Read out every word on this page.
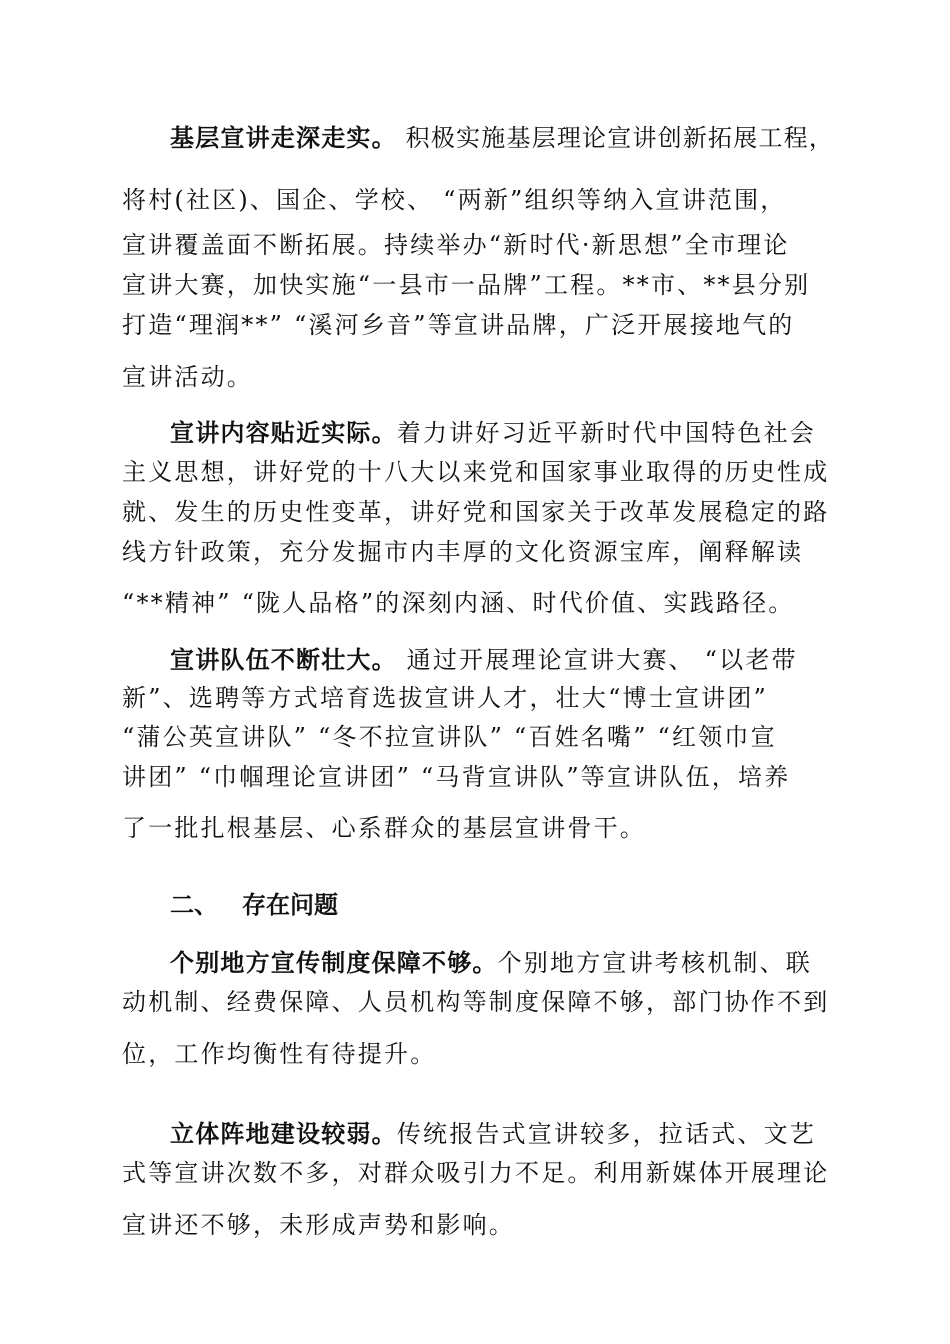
基层宣讲走深走实。 积极实施基层理论宣讲创新拓展工程，
将村(社区)、国企、学校、 “两新”组织等纳入宣讲范围，
宣讲覆盖面不断拓展。持续举办“新时代·新思想”全市理论
宣讲大赛，加快实施“一县市一品牌”工程。**市、**县分别
打造“理润**” “溪河乡音”等宣讲品牌，广泛开展接地气的
宣讲活动。
宣讲内容贴近实际。着力讲好习近平新时代中国特色社会
主义思想，讲好党的十八大以来党和国家事业取得的历史性成
就、发生的历史性变革，讲好党和国家关于改革发展稳定的路
线方针政策，充分发掘市内丰厚的文化资源宝库，阐释解读
“**精神” “陇人品格”的深刻内涵、时代价值、实践路径。
宣讲队伍不断壮大。 通过开展理论宣讲大赛、 “以老带
新”、选聘等方式培育选拔宣讲人才，壮大“博士宣讲团”
“蒲公英宣讲队” “冬不拉宣讲队” “百姓名嘴” “红领巾宣
讲团” “巾帼理论宣讲团” “马背宣讲队”等宣讲队伍，培养
了一批扎根基层、心系群众的基层宣讲骨干。
二、 存在问题
个别地方宣传制度保障不够。个别地方宣讲考核机制、联
动机制、经费保障、人员机构等制度保障不够，部门协作不到
位，工作均衡性有待提升。
立体阵地建设较弱。传统报告式宣讲较多，拉话式、文艺
式等宣讲次数不多，对群众吸引力不足。利用新媒体开展理论
宣讲还不够，未形成声势和影响。
